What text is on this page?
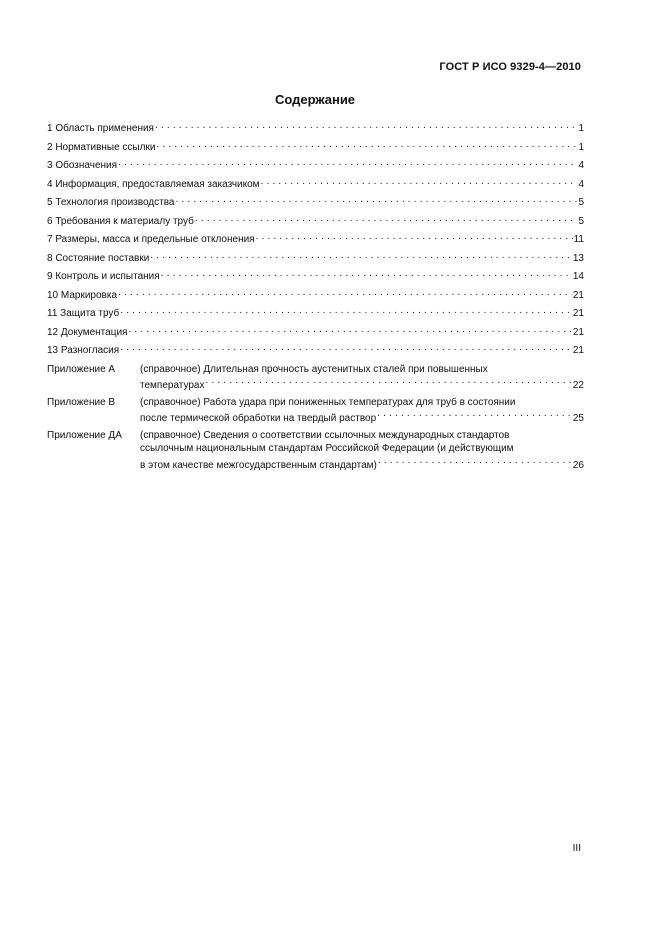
ГОСТ Р ИСО 9329-4—2010
Содержание
1 Область применения . . .	1
2 Нормативные ссылки . . .	1
3 Обозначения . . .	4
4 Информация, предоставляемая заказчиком . . .	4
5 Технология производства . . .	5
6 Требования к материалу труб . . .	5
7 Размеры, масса и предельные отклонения . . .	11
8 Состояние поставки . . .	13
9 Контроль и испытания . . .	14
10 Маркировка . . .	21
11 Защита труб . . .	21
12 Документация . . .	21
13 Разногласия . . .	21
Приложение А	(справочное) Длительная прочность аустенитных сталей при повышенных
температурах . . .	22
Приложение В	(справочное) Работа удара при пониженных температурах для труб в состоянии
после термической обработки на твердый раствор . . .	25
Приложение ДА	(справочное) Сведения о соответствии ссылочных международных стандартов
ссылочным национальным стандартам Российской Федерации (и действующим
в этом качестве межгосударственным стандартам) . . .	26
III
